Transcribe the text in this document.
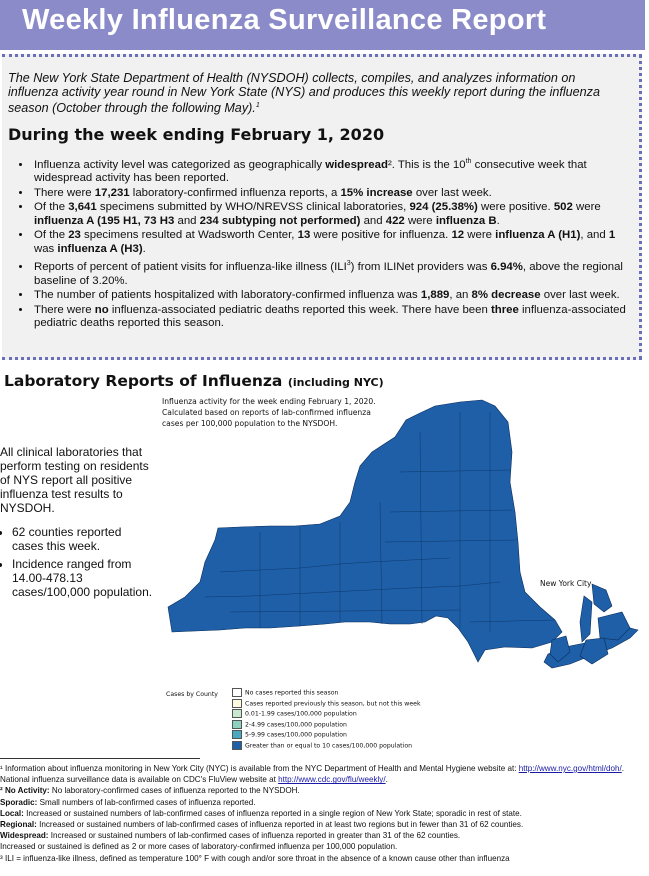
Weekly Influenza Surveillance Report
The New York State Department of Health (NYSDOH) collects, compiles, and analyzes information on influenza activity year round in New York State (NYS) and produces this weekly report during the influenza season (October through the following May).$^1$
During the week ending February 1, 2020
• Influenza activity level was categorized as geographically widespread². This is the 10th consecutive week that widespread activity has been reported.
• There were 17,231 laboratory-confirmed influenza reports, a 15% increase over last week.
• Of the 3,641 specimens submitted by WHO/NREVSS clinical laboratories, 924 (25.38%) were positive. 502 were influenza A (195 H1, 73 H3 and 234 subtyping not performed) and 422 were influenza B.
• Of the 23 specimens resulted at Wadsworth Center, 13 were positive for influenza. 12 were influenza A (H1), and 1 was influenza A (H3).
• Reports of percent of patient visits for influenza-like illness (ILI$^3$) from ILINet providers was 6.94%, above the regional baseline of 3.20%.
• The number of patients hospitalized with laboratory-confirmed influenza was 1,889, an 8% decrease over last week.
• There were no influenza-associated pediatric deaths reported this week. There have been three influenza-associated pediatric deaths reported this season.
Laboratory Reports of Influenza (including NYC)

All clinical laboratories that perform testing on residents of NYS report all positive influenza test results to NYSDOH.

• 62 counties reported cases this week.
• Incidence ranged from 14.00-478.13 cases/100,000 population.
Influenza activity for the week ending February 1, 2020.
Calculated based on reports of lab-confirmed influenza
cases per 100,000 population to the NYSDOH.
New York City
Cases by County	No cases reported this season
Cases reported previously this season, but not this week
0.01-1.99 cases/100,000 population
2-4.99 cases/100,000 population
5-9.99 cases/100,000 population
Greater than or equal to 10 cases/100,000 population
¹ Information about influenza monitoring in New York City (NYC) is available from the NYC Department of Health and Mental Hygiene website at: http://www.nyc.gov/html/doh/. National influenza surveillance data is available on CDC's FluView website at http://www.cdc.gov/flu/weekly/.
² No Activity: No laboratory-confirmed cases of influenza reported to the NYSDOH.
Sporadic: Small numbers of lab-confirmed cases of influenza reported.
Local: Increased or sustained numbers of lab-confirmed cases of influenza reported in a single region of New York State; sporadic in rest of state.
Regional: Increased or sustained numbers of lab-confirmed cases of influenza reported in at least two regions but in fewer than 31 of 62 counties.
Widespread: Increased or sustained numbers of lab-confirmed cases of influenza reported in greater than 31 of the 62 counties.
Increased or sustained is defined as 2 or more cases of laboratory-confirmed influenza per 100,000 population.
³ ILI = influenza-like illness, defined as temperature 100° F with cough and/or sore throat in the absence of a known cause other than influenza
